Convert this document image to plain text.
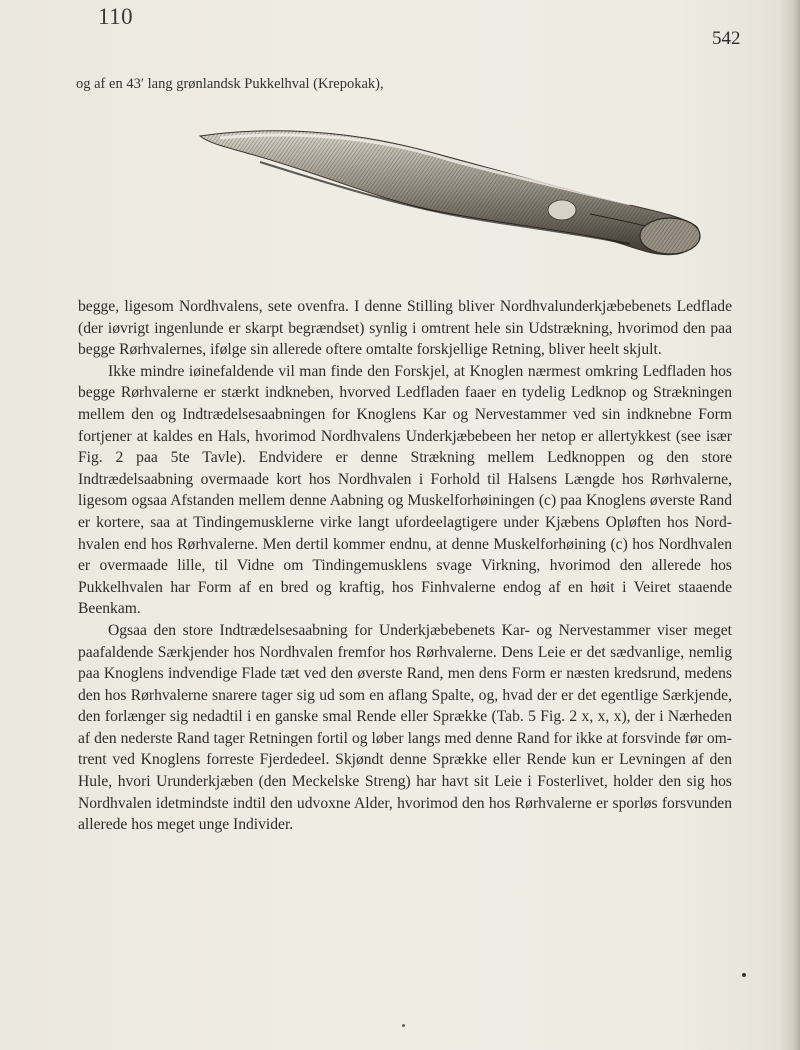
110
542
og af en 43′ lang grønlandsk Pukkelhval (Krepokak),

begge, ligesom Nordhvalens, sete ovenfra. I denne Stilling bliver Nordhvalunderkjæbebenets Ledflade (der iøvrigt ingenlunde er skarpt begrændset) synlig i omtrent hele sin Udstrækning, hvorimod den paa begge Rørhvalernes, ifølge sin allerede oftere omtalte forskjellige Retning, bliver heelt skjult.

Ikke mindre iøinefaldende vil man finde den Forskjel, at Knoglen nærmest omkring Ledfladen hos begge Rørhvalerne er stærkt indkneben, hvorved Ledfladen faaer en tydelig Ledknop og Strækningen mellem den og Indtrædelsesaabningen for Knoglens Kar og Nervestammer ved sin indknebne Form fortjener at kaldes en Hals, hvorimod Nordhvalens Underkjæbebeen her netop er allertykkest (see især Fig. 2 paa 5te Tavle). Endvidere er denne Strækning mellem Ledknoppen og den store Indtrædelsaabning overmaade kort hos Nordhvalen i Forhold til Halsens Længde hos Rørhvalerne, ligesom ogsaa Afstanden mellem denne Aabning og Muskelforhøiningen (c) paa Knoglens øverste Rand er kortere, saa at Tindingemusklerne virke langt ufordeelagtigere under Kjæbens Opløften hos Nordhvalen end hos Rørhvalerne. Men dertil kommer endnu, at denne Muskelforhøining (c) hos Nordhvalen er overmaade lille, til Vidne om Tindingemusklens svage Virkning, hvorimod den allerede hos Pukkelhvalen har Form af en bred og kraftig, hos Finhvalerne endog af en høit i Veiret staaende Beenkam.

Ogsaa den store Indtrædelsesaabning for Underkjæbebenets Kar- og Nervestammer viser meget paafaldende Særkjender hos Nordhvalen fremfor hos Rørhvalerne. Dens Leie er det sædvanlige, nemlig paa Knoglens indvendige Flade tæt ved den øverste Rand, men dens Form er næsten kredsrund, medens den hos Rørhvalerne snarere tager sig ud som en aflang Spalte, og, hvad der er det egentlige Særkjende, den forlænger sig nedadtil i en ganske smal Rende eller Sprække (Tab. 5 Fig. 2 x, x, x), der i Nærheden af den nederste Rand tager Retningen fortil og løber langs med denne Rand for ikke at forsvinde før omtrent ved Knoglens forreste Fjerdedeel. Skjøndt denne Sprække eller Rende kun er Levningen af den Hule, hvori Urunderkjæben (den Meckelske Streng) har havt sit Leie i Fosterlivet, holder den sig hos Nordhvalen idetmindste indtil den udvoxne Alder, hvorimod den hos Rørhvalerne er sporløs forsvunden allerede hos meget unge Individer.
